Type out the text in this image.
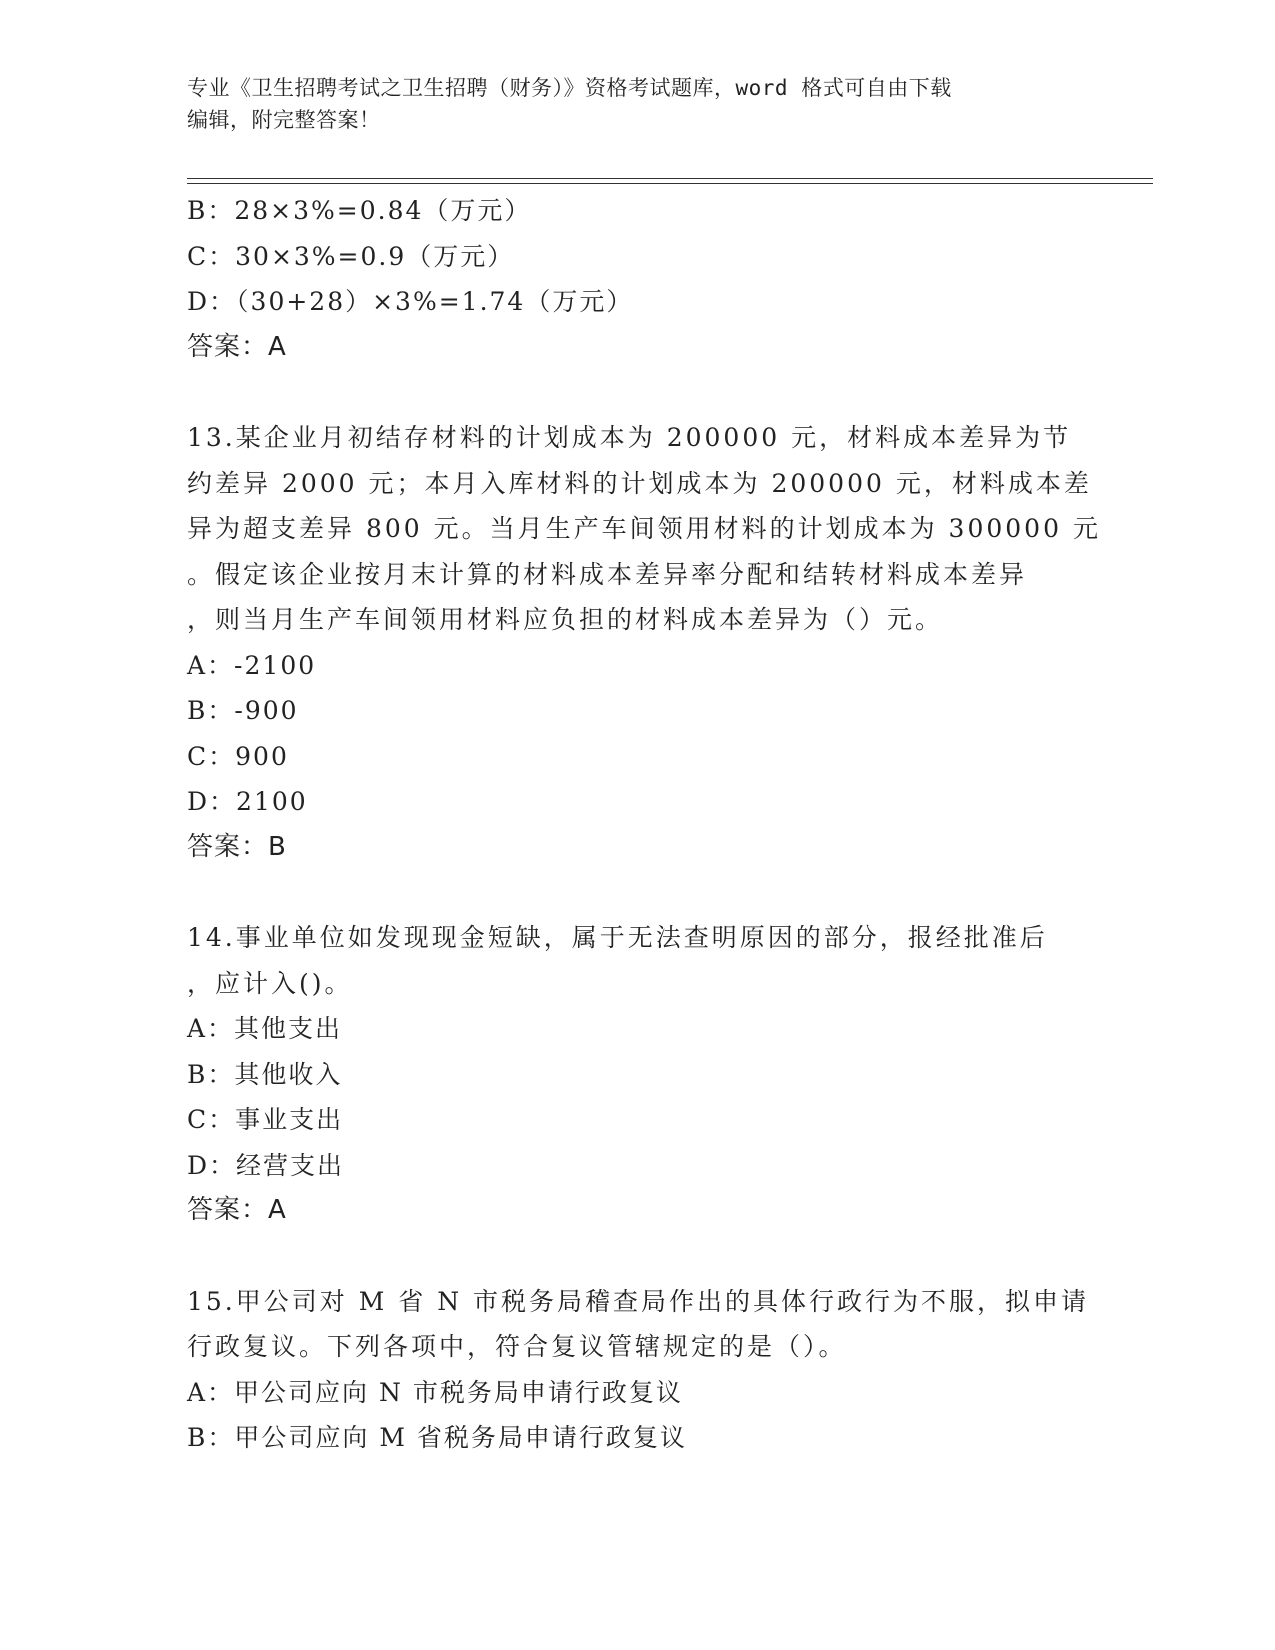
专业《卫生招聘考试之卫生招聘（财务）》资格考试题库，word 格式可自由下载
编辑，附完整答案！
B：28×3%=0.84（万元）
C：30×3%=0.9（万元）
D：（30+28）×3%=1.74（万元）
答案：A
13.某企业月初结存材料的计划成本为 200000 元，材料成本差异为节
约差异 2000 元；本月入库材料的计划成本为 200000 元，材料成本差
异为超支差异 800 元。当月生产车间领用材料的计划成本为 300000 元
。假定该企业按月末计算的材料成本差异率分配和结转材料成本差异
，则当月生产车间领用材料应负担的材料成本差异为（）元。
A：-2100
B：-900
C：900
D：2100
答案：B
14.事业单位如发现现金短缺，属于无法查明原因的部分，报经批准后
，应计入()。
A：其他支出
B：其他收入
C：事业支出
D：经营支出
答案：A
15.甲公司对 M 省 N 市税务局稽查局作出的具体行政行为不服，拟申请
行政复议。下列各项中，符合复议管辖规定的是（）。
A：甲公司应向 N 市税务局申请行政复议
B：甲公司应向 M 省税务局申请行政复议
